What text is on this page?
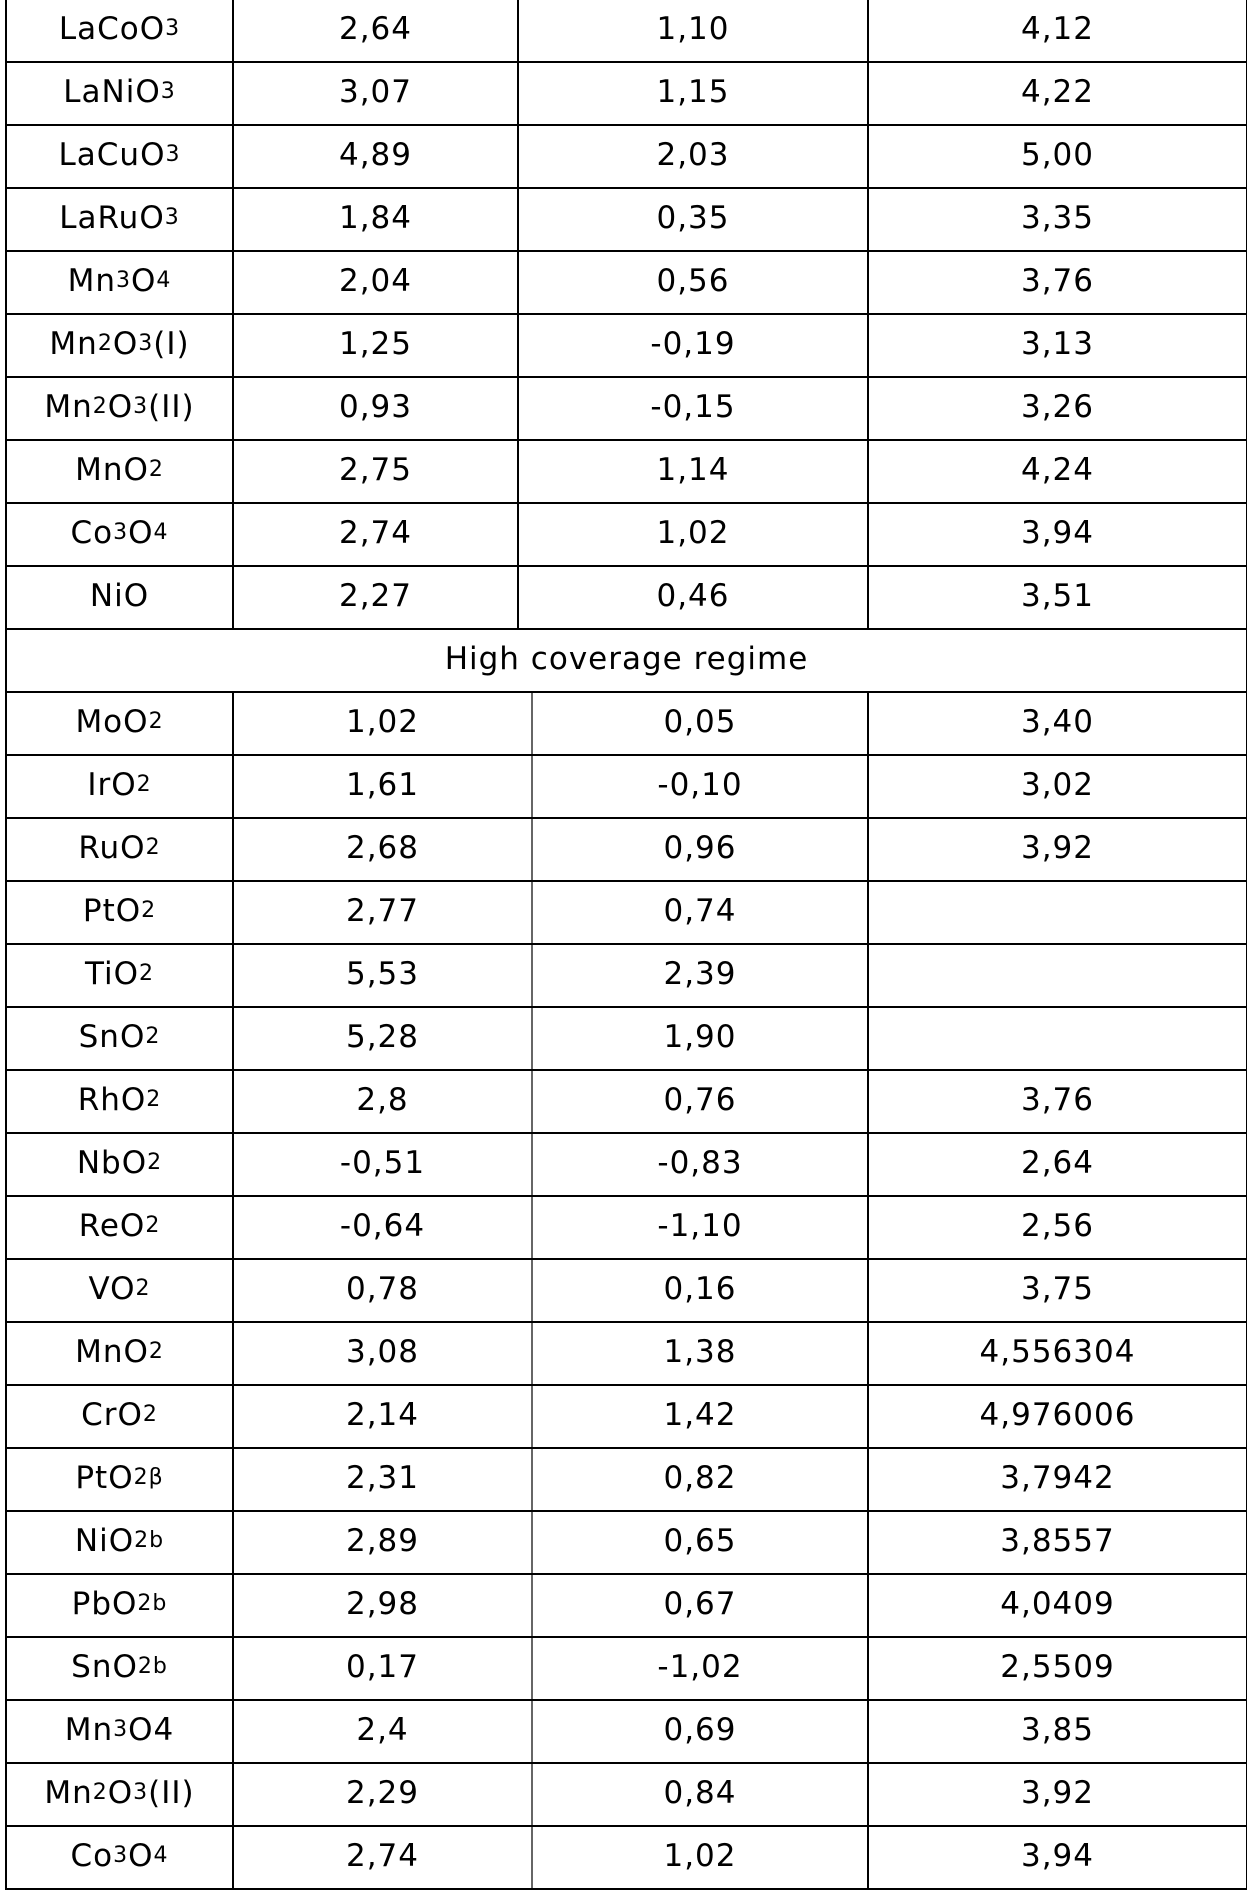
LaCoO 3	2,64	1,10	4,12
LaNiO 3	3,07	1,15	4,22
LaCuO 3	4,89	2,03	5,00
LaRuO 3	1,84	0,35	3,35
Mn 3 O 4	2,04	0,56	3,76
Mn 2 O 3 (I)	1,25	-0,19	3,13
Mn 2 O 3 (II)	0,93	-0,15	3,26
MnO 2	2,75	1,14	4,24
Co 3 O 4	2,74	1,02	3,94
NiO	2,27	0,46	3,51
High coverage regime
MoO 2	1,02	0,05	3,40
IrO 2	1,61	-0,10	3,02
RuO 2	2,68	0,96	3,92
PtO 2	2,77	0,74
TiO 2	5,53	2,39
SnO 2	5,28	1,90
RhO 2	2,8	0,76	3,76
NbO 2	-0,51	-0,83	2,64
ReO 2	-0,64	-1,10	2,56
VO 2	0,78	0,16	3,75
MnO 2	3,08	1,38	4,556304
CrO 2	2,14	1,42	4,976006
PtO 2β	2,31	0,82	3,7942
NiO 2b	2,89	0,65	3,8557
PbO 2b	2,98	0,67	4,0409
SnO 2b	0,17	-1,02	2,5509
Mn 3 O4	2,4	0,69	3,85
Mn 2 O 3 (II)	2,29	0,84	3,92
Co 3 O 4	2,74	1,02	3,94
